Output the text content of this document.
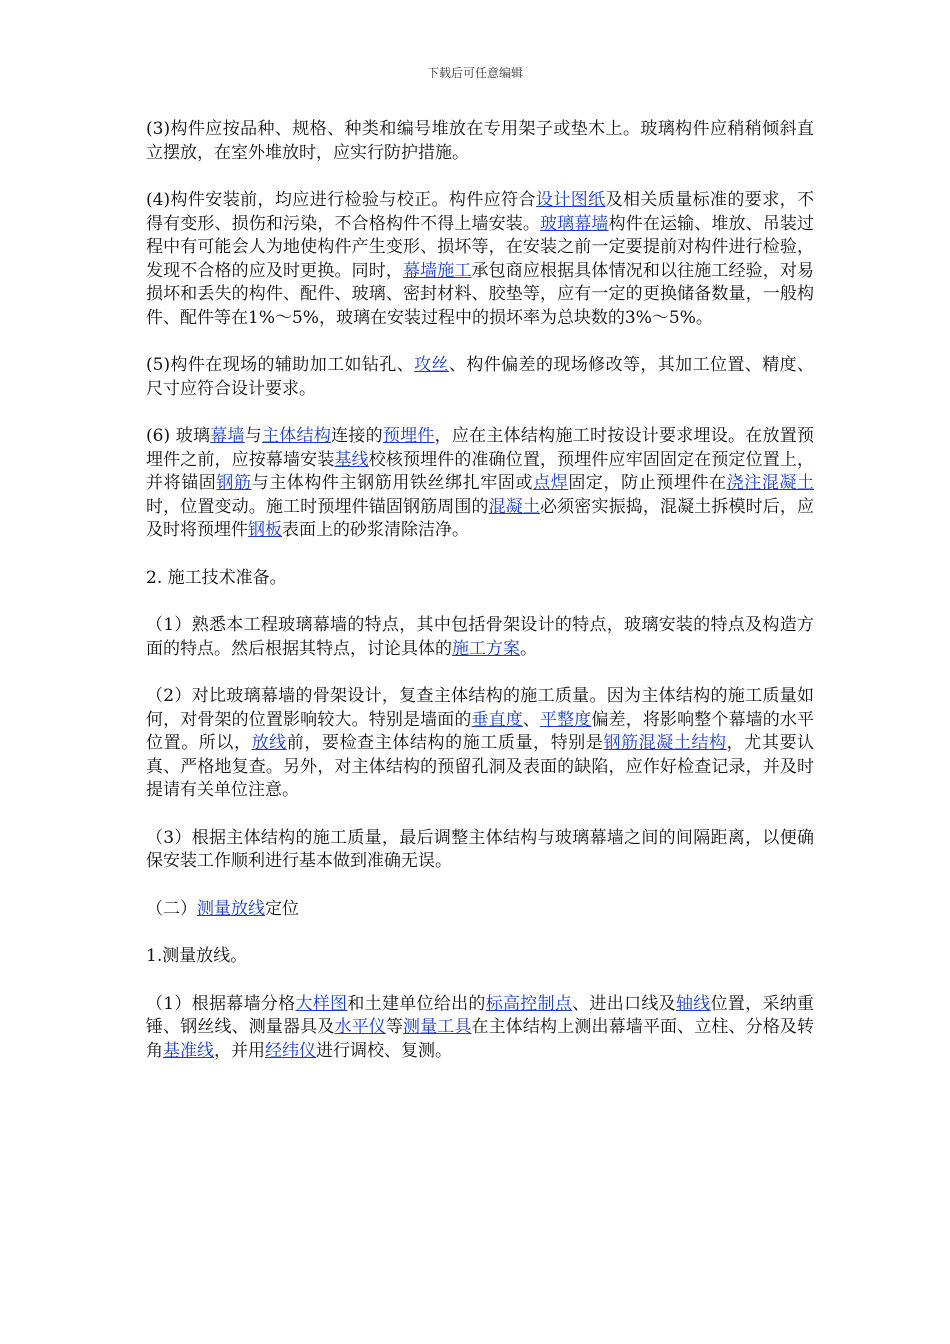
下载后可任意编辑

(3)构件应按品种、规格、种类和编号堆放在专用架子或垫木上。玻璃构件应稍稍倾斜直立摆放，在室外堆放时，应实行防护措施。

(4)构件安装前，均应进行检验与校正。构件应符合设计图纸及相关质量标准的要求，不得有变形、损伤和污染，不合格构件不得上墙安装。玻璃幕墙构件在运输、堆放、吊装过程中有可能会人为地使构件产生变形、损坏等，在安装之前一定要提前对构件进行检验，发现不合格的应及时更换。同时，幕墙施工承包商应根据具体情况和以往施工经验，对易损坏和丢失的构件、配件、玻璃、密封材料、胶垫等，应有一定的更换储备数量，一般构件、配件等在1%～5%，玻璃在安装过程中的损坏率为总块数的3%～5%。

(5)构件在现场的辅助加工如钻孔、攻丝、构件偏差的现场修改等，其加工位置、精度、尺寸应符合设计要求。

(6) 玻璃幕墙与主体结构连接的预埋件，应在主体结构施工时按设计要求埋设。在放置预埋件之前，应按幕墙安装基线校核预埋件的准确位置，预埋件应牢固固定在预定位置上，并将锚固钢筋与主体构件主钢筋用铁丝绑扎牢固或点焊固定，防止预埋件在浇注混凝土时，位置变动。施工时预埋件锚固钢筋周围的混凝土必须密实振捣，混凝土拆模时后，应及时将预埋件钢板表面上的砂浆清除洁净。

2. 施工技术准备。

（1）熟悉本工程玻璃幕墙的特点，其中包括骨架设计的特点，玻璃安装的特点及构造方面的特点。然后根据其特点，讨论具体的施工方案。

（2）对比玻璃幕墙的骨架设计，复查主体结构的施工质量。因为主体结构的施工质量如何，对骨架的位置影响较大。特别是墙面的垂直度、平整度偏差，将影响整个幕墙的水平位置。所以，放线前，要检查主体结构的施工质量，特别是钢筋混凝土结构，尤其要认真、严格地复查。另外，对主体结构的预留孔洞及表面的缺陷，应作好检查记录，并及时提请有关单位注意。

（3）根据主体结构的施工质量，最后调整主体结构与玻璃幕墙之间的间隔距离，以便确保安装工作顺利进行基本做到准确无误。

（二）测量放线定位

1.测量放线。

（1）根据幕墙分格大样图和土建单位给出的标高控制点、进出口线及轴线位置，采纳重锤、钢丝线、测量器具及水平仪等测量工具在主体结构上测出幕墙平面、立柱、分格及转角基准线，并用经纬仪进行调校、复测。
